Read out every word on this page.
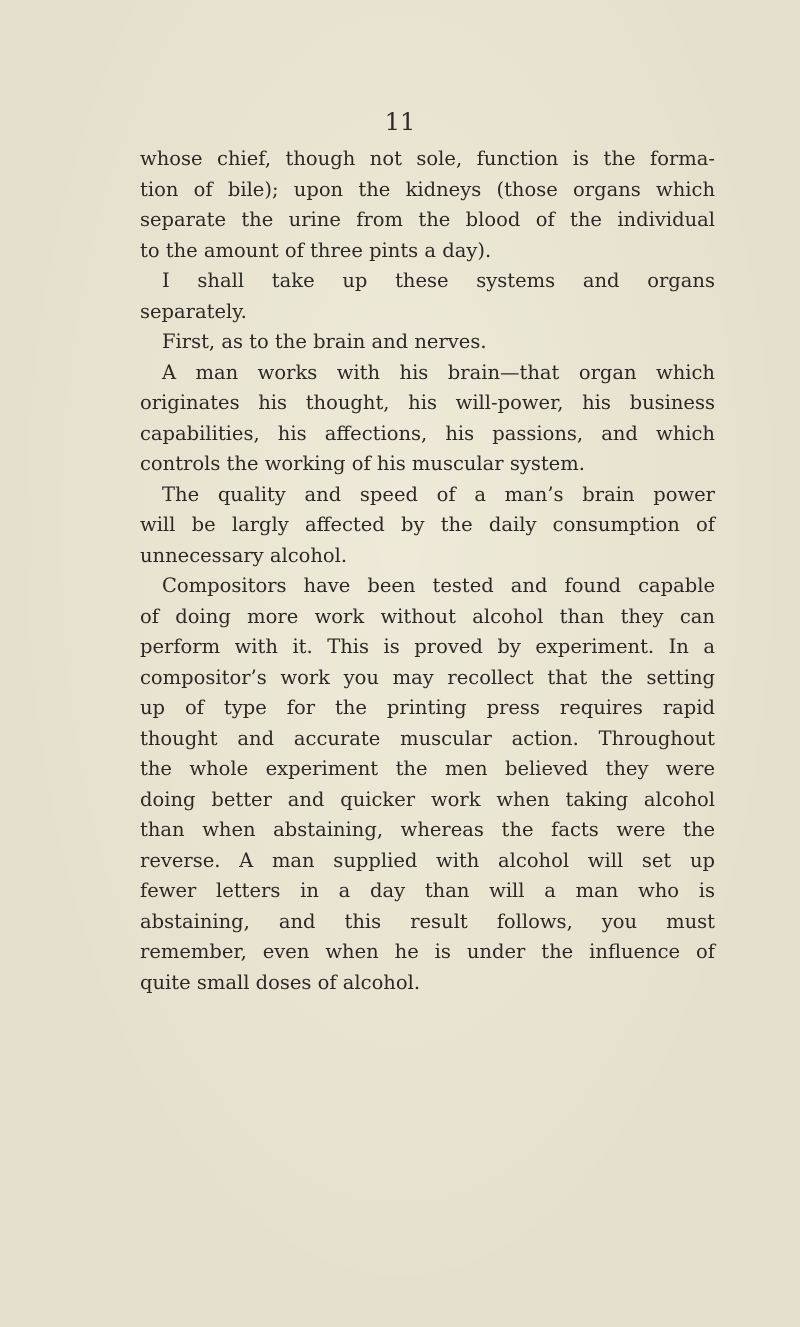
11
whose chief, though not sole, function is the forma-
tion of bile); upon the kidneys (those organs which
separate the urine from the blood of the individual
to the amount of three pints a day).
I shall take up these systems and organs
separately.
First, as to the brain and nerves.
A man works with his brain—that organ which
originates his thought, his will-power, his business
capabilities, his affections, his passions, and which
controls the working of his muscular system.
The quality and speed of a man’s brain power
will be largly affected by the daily consumption of
unnecessary alcohol.
Compositors have been tested and found capable
of doing more work without alcohol than they can
perform with it. This is proved by experiment. In a
compositor’s work you may recollect that the setting
up of type for the printing press requires rapid
thought and accurate muscular action. Throughout
the whole experiment the men believed they were
doing better and quicker work when taking alcohol
than when abstaining, whereas the facts were the
reverse. A man supplied with alcohol will set up
fewer letters in a day than will a man who is
abstaining, and this result follows, you must
remember, even when he is under the influence of
quite small doses of alcohol.
